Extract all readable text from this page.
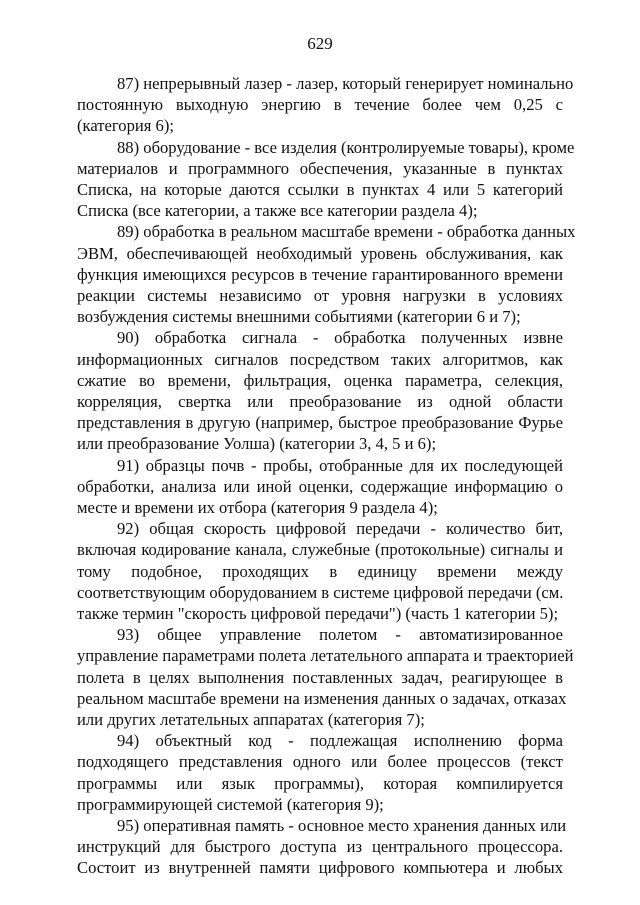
629
87) непрерывный лазер - лазер, который генерирует номинально
постоянную выходную энергию в течение более чем 0,25 с
(категория 6);
88) оборудование - все изделия (контролируемые товары), кроме
материалов и программного обеспечения, указанные в пунктах
Списка, на которые даются ссылки в пунктах 4 или 5 категорий
Списка (все категории, а также все категории раздела 4);
89) обработка в реальном масштабе времени - обработка данных
ЭВМ, обеспечивающей необходимый уровень обслуживания, как
функция имеющихся ресурсов в течение гарантированного времени
реакции системы независимо от уровня нагрузки в условиях
возбуждения системы внешними событиями (категории 6 и 7);
90) обработка сигнала - обработка полученных извне
информационных сигналов посредством таких алгоритмов, как
сжатие во времени, фильтрация, оценка параметра, селекция,
корреляция, свертка или преобразование из одной области
представления в другую (например, быстрое преобразование Фурье
или преобразование Уолша) (категории 3, 4, 5 и 6);
91) образцы почв - пробы, отобранные для их последующей
обработки, анализа или иной оценки, содержащие информацию о
месте и времени их отбора (категория 9 раздела 4);
92) общая скорость цифровой передачи - количество бит,
включая кодирование канала, служебные (протокольные) сигналы и
тому подобное, проходящих в единицу времени между
соответствующим оборудованием в системе цифровой передачи (см.
также термин "скорость цифровой передачи") (часть 1 категории 5);
93) общее управление полетом - автоматизированное
управление параметрами полета летательного аппарата и траекторией
полета в целях выполнения поставленных задач, реагирующее в
реальном масштабе времени на изменения данных о задачах, отказах
или других летательных аппаратах (категория 7);
94) объектный код - подлежащая исполнению форма
подходящего представления одного или более процессов (текст
программы или язык программы), которая компилируется
программирующей системой (категория 9);
95) оперативная память - основное место хранения данных или
инструкций для быстрого доступа из центрального процессора.
Состоит из внутренней памяти цифрового компьютера и любых
